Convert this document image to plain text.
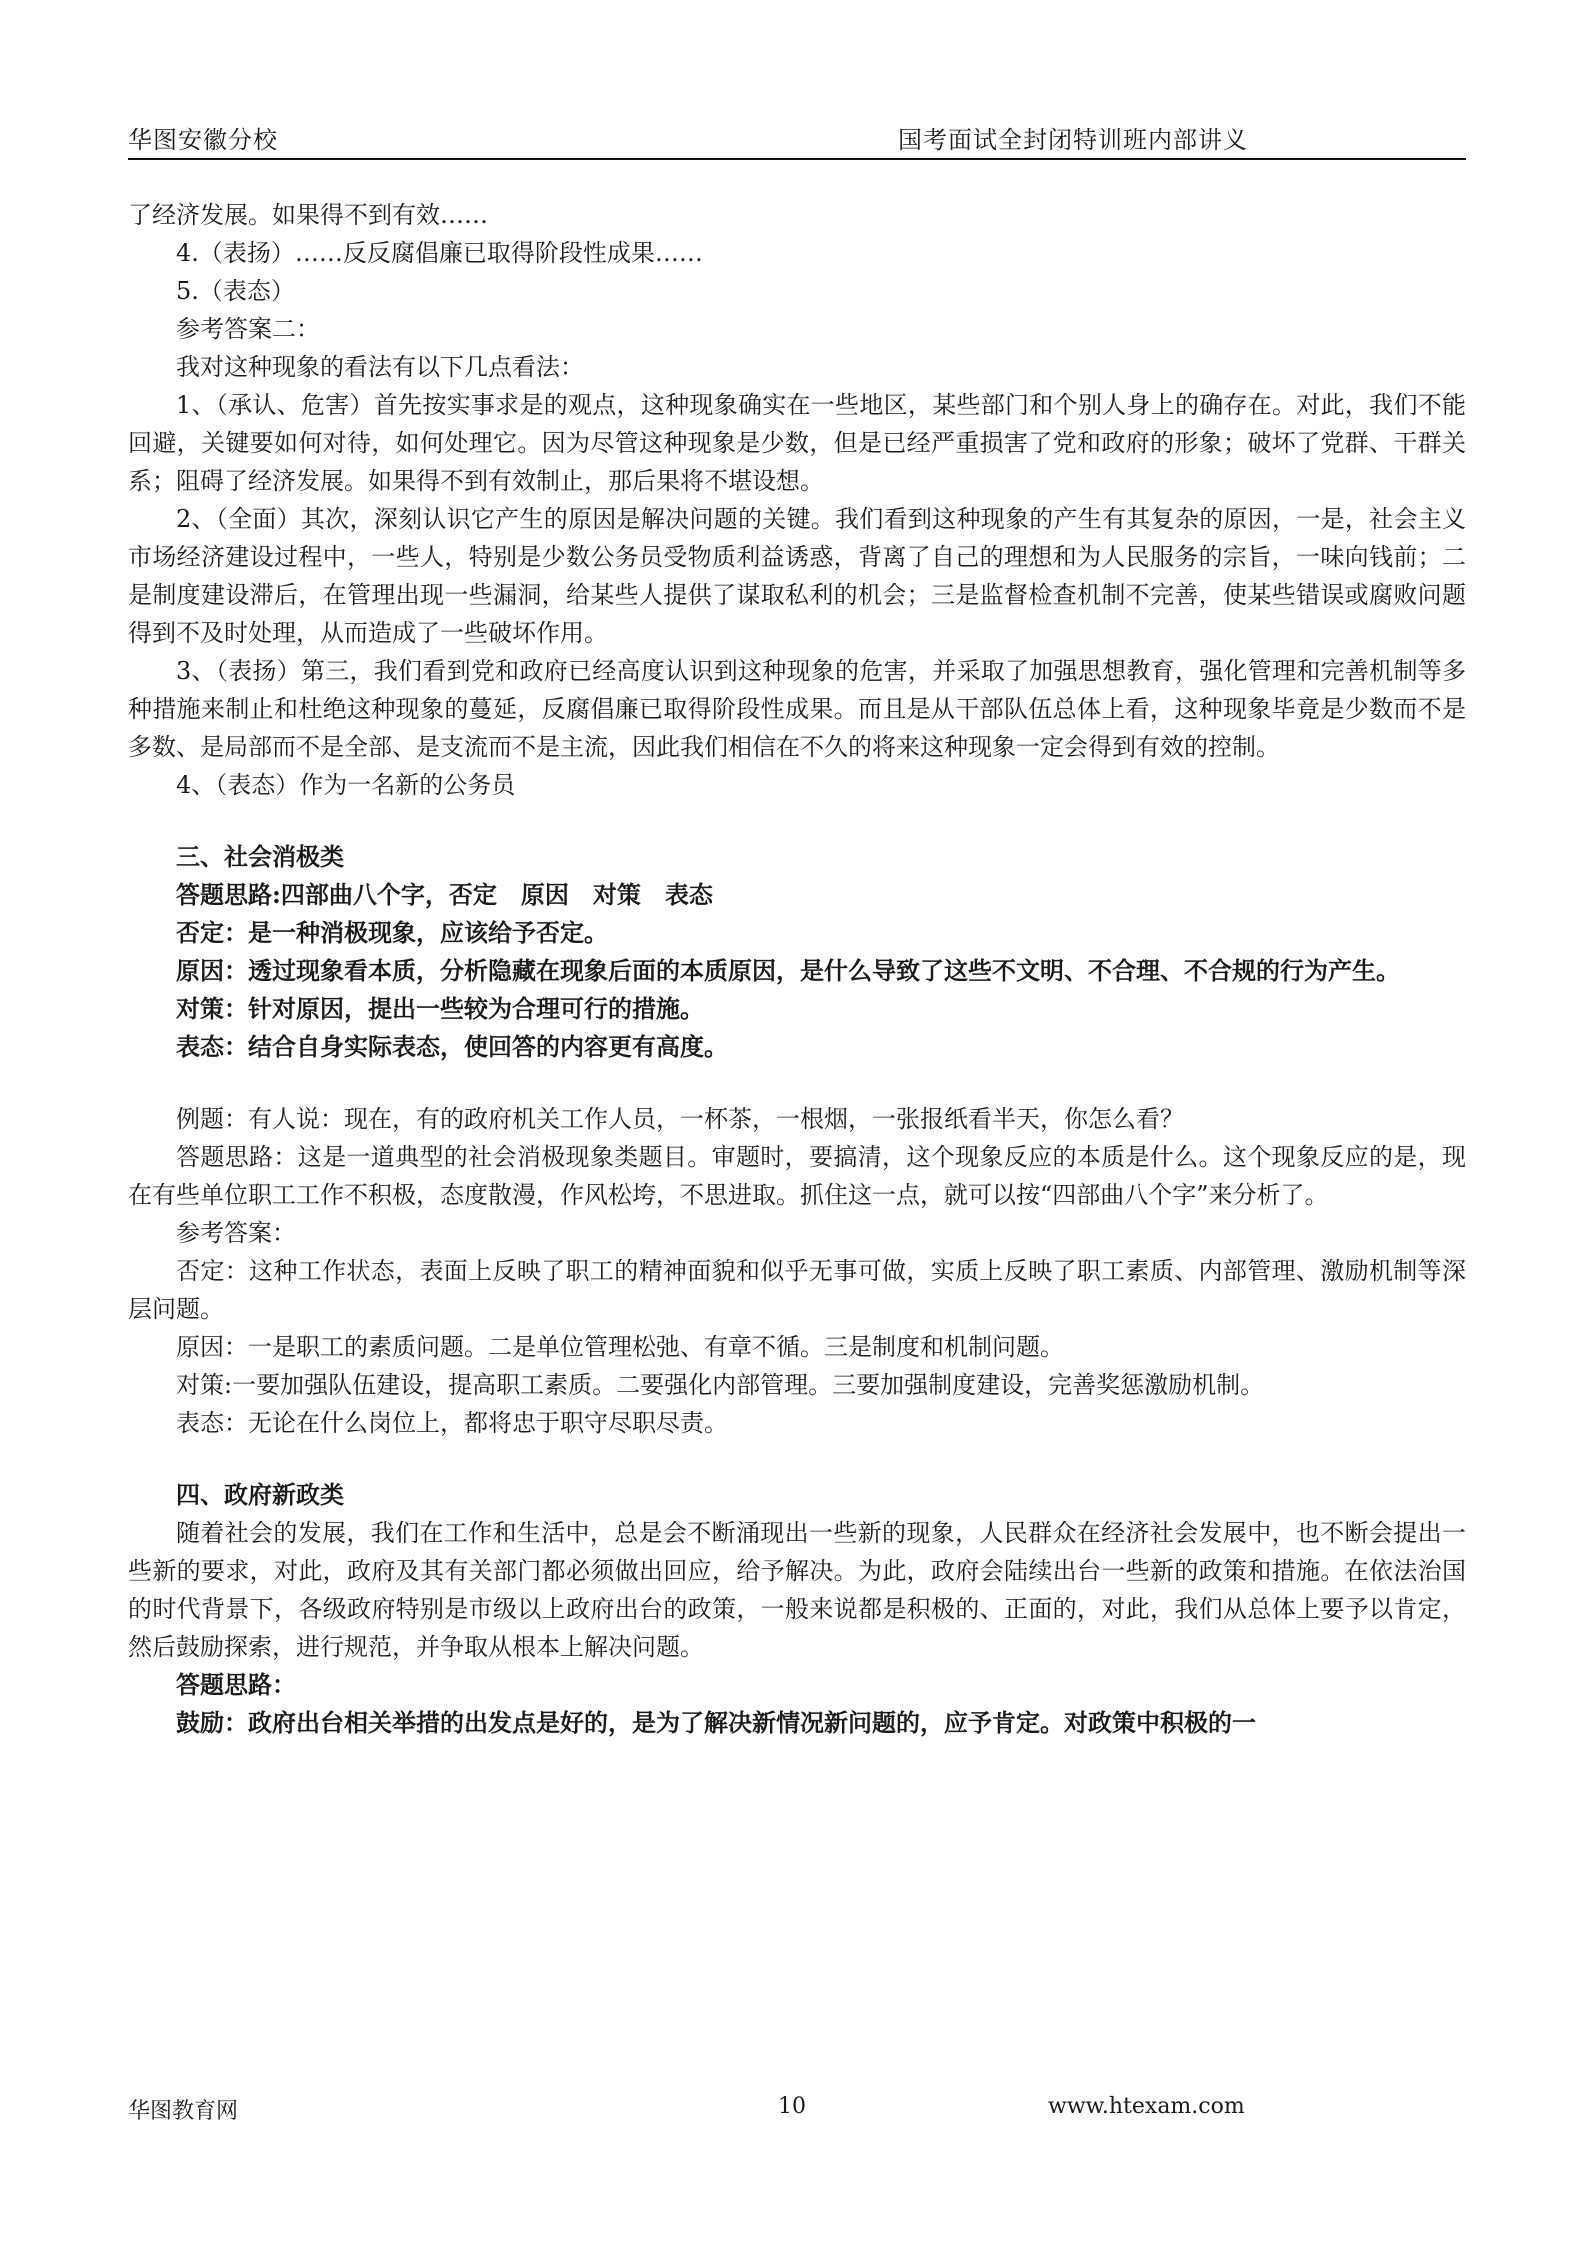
华图安徽分校	国考面试全封闭特训班内部讲义

了经济发展。如果得不到有效……

4.（表扬）……反反腐倡廉已取得阶段性成果……

5.（表态）

参考答案二：

我对这种现象的看法有以下几点看法：

1、（承认、危害）首先按实事求是的观点，这种现象确实在一些地区，某些部门和个别人身上的确存在。对此，我们不能回避，关键要如何对待，如何处理它。因为尽管这种现象是少数，但是已经严重损害了党和政府的形象；破坏了党群、干群关系；阻碍了经济发展。如果得不到有效制止，那后果将不堪设想。

2、（全面）其次，深刻认识它产生的原因是解决问题的关键。我们看到这种现象的产生有其复杂的原因，一是，社会主义市场经济建设过程中，一些人，特别是少数公务员受物质利益诱惑，背离了自己的理想和为人民服务的宗旨，一味向钱前；二是制度建设滞后，在管理出现一些漏洞，给某些人提供了谋取私利的机会；三是监督检查机制不完善，使某些错误或腐败问题得到不及时处理，从而造成了一些破坏作用。

3、（表扬）第三，我们看到党和政府已经高度认识到这种现象的危害，并采取了加强思想教育，强化管理和完善机制等多种措施来制止和杜绝这种现象的蔓延，反腐倡廉已取得阶段性成果。而且是从干部队伍总体上看，这种现象毕竟是少数而不是多数、是局部而不是全部、是支流而不是主流，因此我们相信在不久的将来这种现象一定会得到有效的控制。

4、（表态）作为一名新的公务员

三、社会消极类

答题思路:四部曲八个字，否定　原因　对策　表态

否定：是一种消极现象，应该给予否定。

原因：透过现象看本质，分析隐藏在现象后面的本质原因，是什么导致了这些不文明、不合理、不合规的行为产生。

对策：针对原因，提出一些较为合理可行的措施。

表态：结合自身实际表态，使回答的内容更有高度。

例题：有人说：现在，有的政府机关工作人员，一杯茶，一根烟，一张报纸看半天，你怎么看？

答题思路：这是一道典型的社会消极现象类题目。审题时，要搞清，这个现象反应的本质是什么。这个现象反应的是，现在有些单位职工工作不积极，态度散漫，作风松垮，不思进取。抓住这一点，就可以按“四部曲八个字”来分析了。

参考答案：

否定：这种工作状态，表面上反映了职工的精神面貌和似乎无事可做，实质上反映了职工素质、内部管理、激励机制等深层问题。

原因：一是职工的素质问题。二是单位管理松弛、有章不循。三是制度和机制问题。

对策:一要加强队伍建设，提高职工素质。二要强化内部管理。三要加强制度建设，完善奖惩激励机制。

表态：无论在什么岗位上，都将忠于职守尽职尽责。

四、政府新政类

随着社会的发展，我们在工作和生活中，总是会不断涌现出一些新的现象，人民群众在经济社会发展中，也不断会提出一些新的要求，对此，政府及其有关部门都必须做出回应，给予解决。为此，政府会陆续出台一些新的政策和措施。在依法治国的时代背景下，各级政府特别是市级以上政府出台的政策，一般来说都是积极的、正面的，对此，我们从总体上要予以肯定，然后鼓励探索，进行规范，并争取从根本上解决问题。

答题思路：

鼓励：政府出台相关举措的出发点是好的，是为了解决新情况新问题的，应予肯定。对政策中积极的一

华图教育网	10	www.htexam.com
